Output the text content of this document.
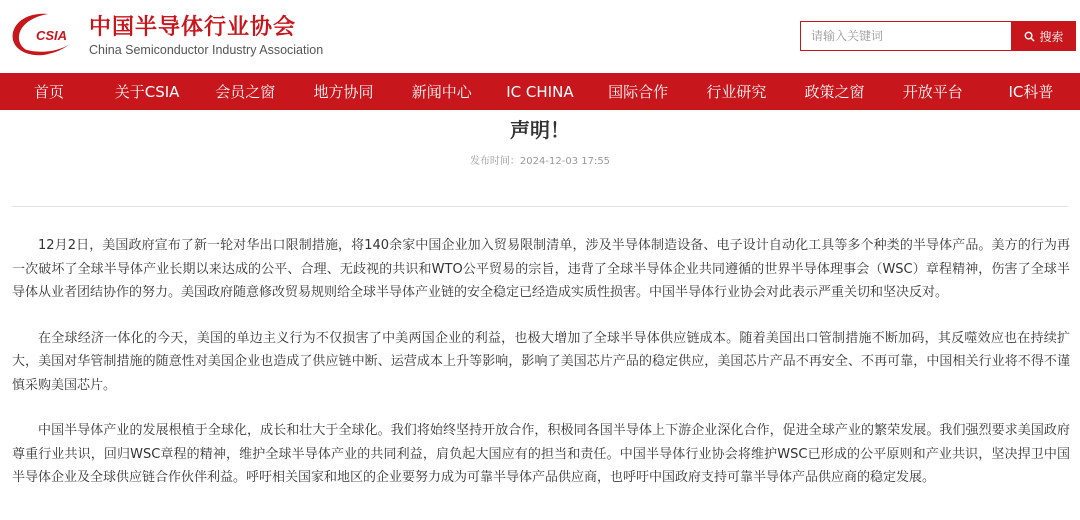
CSIA 中国半导体行业协会
China Semiconductor Industry Association
请输入关键词
搜索
首页	关于CSIA	会员之窗	地方协同	新闻中心	IC CHINA	国际合作	行业研究	政策之窗	开放平台	IC科普
声明！
发布时间：2024-12-03 17:55

12月2日，美国政府宣布了新一轮对华出口限制措施，将140余家中国企业加入贸易限制清单，涉及半导体制造设备、电子设计自动化工具等多个种类的半导体产品。美方的行为再一次破坏了全球半导体产业长期以来达成的公平、合理、无歧视的共识和WTO公平贸易的宗旨，违背了全球半导体企业共同遵循的世界半导体理事会（WSC）章程精神，伤害了全球半导体从业者团结协作的努力。美国政府随意修改贸易规则给全球半导体产业链的安全稳定已经造成实质性损害。中国半导体行业协会对此表示严重关切和坚决反对。

在全球经济一体化的今天，美国的单边主义行为不仅损害了中美两国企业的利益，也极大增加了全球半导体供应链成本。随着美国出口管制措施不断加码，其反噬效应也在持续扩大，美国对华管制措施的随意性对美国企业也造成了供应链中断、运营成本上升等影响，影响了美国芯片产品的稳定供应，美国芯片产品不再安全、不再可靠，中国相关行业将不得不谨慎采购美国芯片。

中国半导体产业的发展根植于全球化，成长和壮大于全球化。我们将始终坚持开放合作，积极同各国半导体上下游企业深化合作，促进全球产业的繁荣发展。我们强烈要求美国政府尊重行业共识，回归WSC章程的精神，维护全球半导体产业的共同利益，肩负起大国应有的担当和责任。中国半导体行业协会将维护WSC已形成的公平原则和产业共识，坚决捍卫中国半导体企业及全球供应链合作伙伴利益。呼吁相关国家和地区的企业要努力成为可靠半导体产品供应商，也呼吁中国政府支持可靠半导体产品供应商的稳定发展。
